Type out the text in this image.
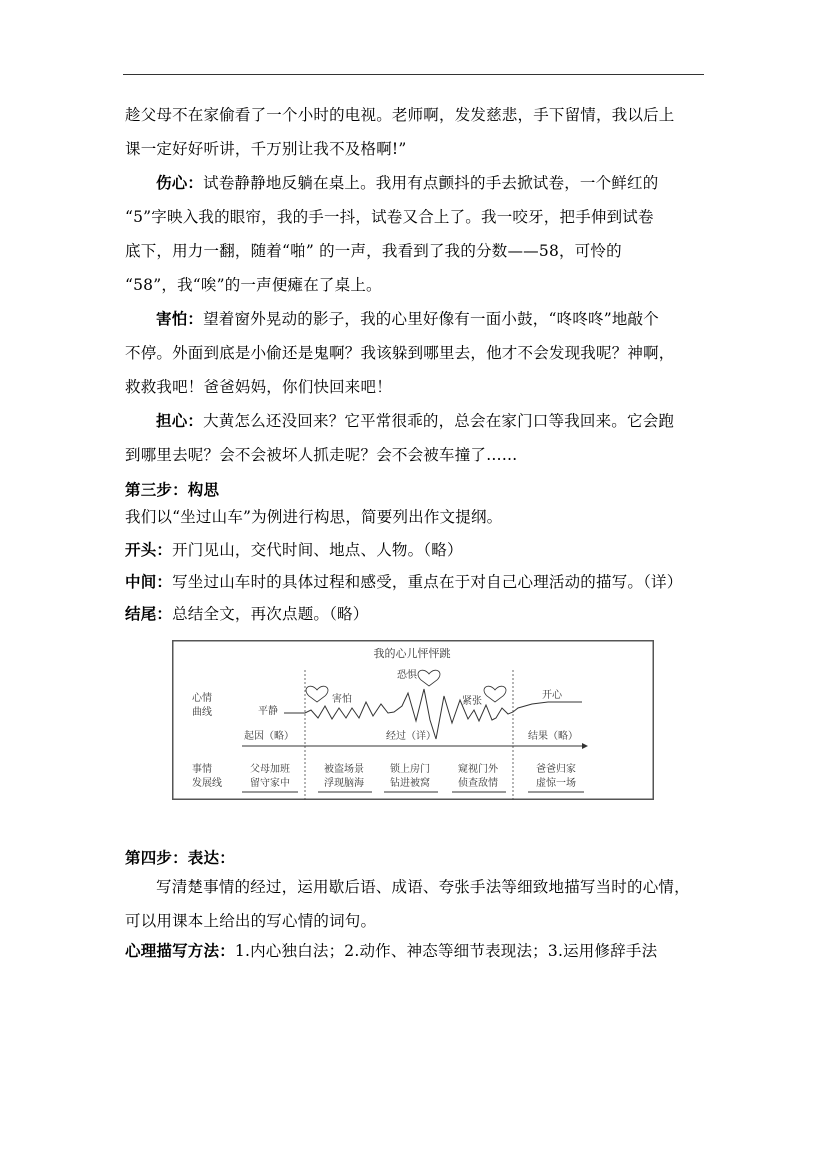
趁父母不在家偷看了一个小时的电视。老师啊，发发慈悲，手下留情，我以后上
课一定好好听讲，千万别让我不及格啊!”
伤心：试卷静静地反躺在桌上。我用有点颤抖的手去掀试卷，一个鲜红的
“5”字映入我的眼帘，我的手一抖，试卷又合上了。我一咬牙，把手伸到试卷
底下，用力一翻，随着“啪” 的一声，我看到了我的分数——58，可怜的
“58”，我“唉”的一声便瘫在了桌上。
害怕：望着窗外晃动的影子，我的心里好像有一面小鼓，“咚咚咚”地敲个
不停。外面到底是小偷还是鬼啊？我该躲到哪里去，他才不会发现我呢？神啊，
救救我吧！爸爸妈妈，你们快回来吧！
担心：大黄怎么还没回来？它平常很乖的，总会在家门口等我回来。它会跑
到哪里去呢？会不会被坏人抓走呢？会不会被车撞了……
第三步：构思
我们以“坐过山车”为例进行构思，简要列出作文提纲。
开头：开门见山，交代时间、地点、人物。（略）
中间：写坐过山车时的具体过程和感受，重点在于对自己心理活动的描写。（详）
结尾：总结全文，再次点题。（略）
我的心儿怦怦跳
心情
曲线	平静
害怕
恐惧
紧张
开心
起因（略）	经过（详）	结果（略）
事情
发展线
父母加班
留守家中
被盗场景
浮现脑海
锁上房门
钻进被窝
窥视门外
侦查敌情
爸爸归家
虚惊一场
第四步：表达：
写清楚事情的经过，运用歇后语、成语、夸张手法等细致地描写当时的心情，
可以用课本上给出的写心情的词句。
心理描写方法：1.内心独白法；2.动作、神态等细节表现法；3.运用修辞手法
